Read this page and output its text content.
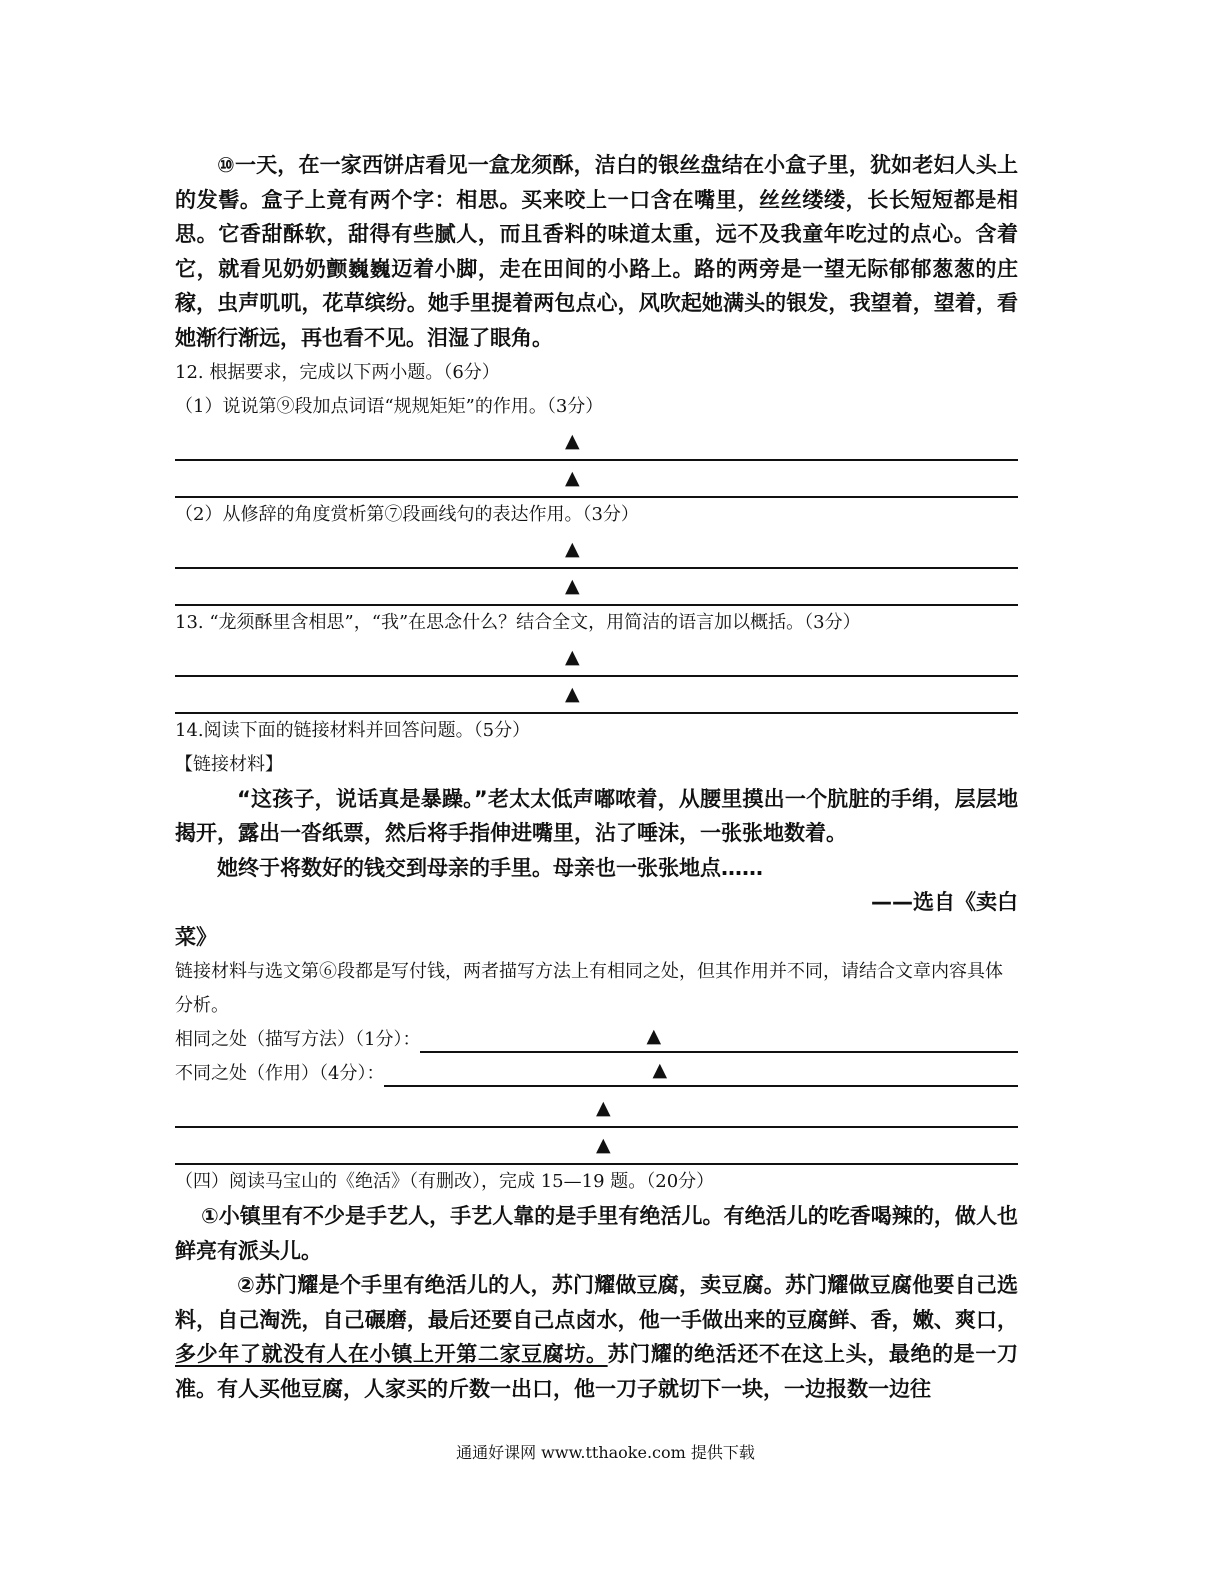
⑩一天，在一家西饼店看见一盒龙须酥，洁白的银丝盘结在小盒子里，犹如老妇人头上的发髻。盒子上竟有两个字：相思。买来咬上一口含在嘴里，丝丝缕缕，长长短短都是相思。它香甜酥软，甜得有些腻人，而且香料的味道太重，远不及我童年吃过的点心。含着它，就看见奶奶颤巍巍迈着小脚，走在田间的小路上。路的两旁是一望无际郁郁葱葱的庄稼，虫声叽叽，花草缤纷。她手里提着两包点心，风吹起她满头的银发，我望着，望着，看她渐行渐远，再也看不见。泪湿了眼角。

12. 根据要求，完成以下两小题。（6分）

（1）说说第⑨段加点词语“规规矩矩”的作用。（3分）

▲
▲

（2）从修辞的角度赏析第⑦段画线句的表达作用。（3分）

▲
▲

13. “龙须酥里含相思”，“我”在思念什么？结合全文，用简洁的语言加以概括。（3分）

▲
▲

14.阅读下面的链接材料并回答问题。（5分）

【链接材料】

“这孩子，说话真是暴躁。”老太太低声嘟哝着，从腰里摸出一个肮脏的手绢，层层地揭开，露出一沓纸票，然后将手指伸进嘴里，沾了唾沫，一张张地数着。

她终于将数好的钱交到母亲的手里。母亲也一张张地点……

——选自《卖白

菜》

链接材料与选文第⑥段都是写付钱，两者描写方法上有相同之处，但其作用并不同，请结合文章内容具体分析。

相同之处（描写方法）（1分）：	▲
不同之处（作用）（4分）：	▲
▲
▲

（四）阅读马宝山的《绝活》（有删改），完成 15—19 题。（20分）

①小镇里有不少是手艺人，手艺人靠的是手里有绝活儿。有绝活儿的吃香喝辣的，做人也鲜亮有派头儿。

②苏门耀是个手里有绝活儿的人，苏门耀做豆腐，卖豆腐。苏门耀做豆腐他要自己选料，自己淘洗，自己碾磨，最后还要自己点卤水，他一手做出来的豆腐鲜、香，嫩、爽口，多少年了就没有人在小镇上开第二家豆腐坊。苏门耀的绝活还不在这上头，最绝的是一刀准。有人买他豆腐，人家买的斤数一出口，他一刀子就切下一块，一边报数一边往

通通好课网 www.tthaoke.com 提供下载
